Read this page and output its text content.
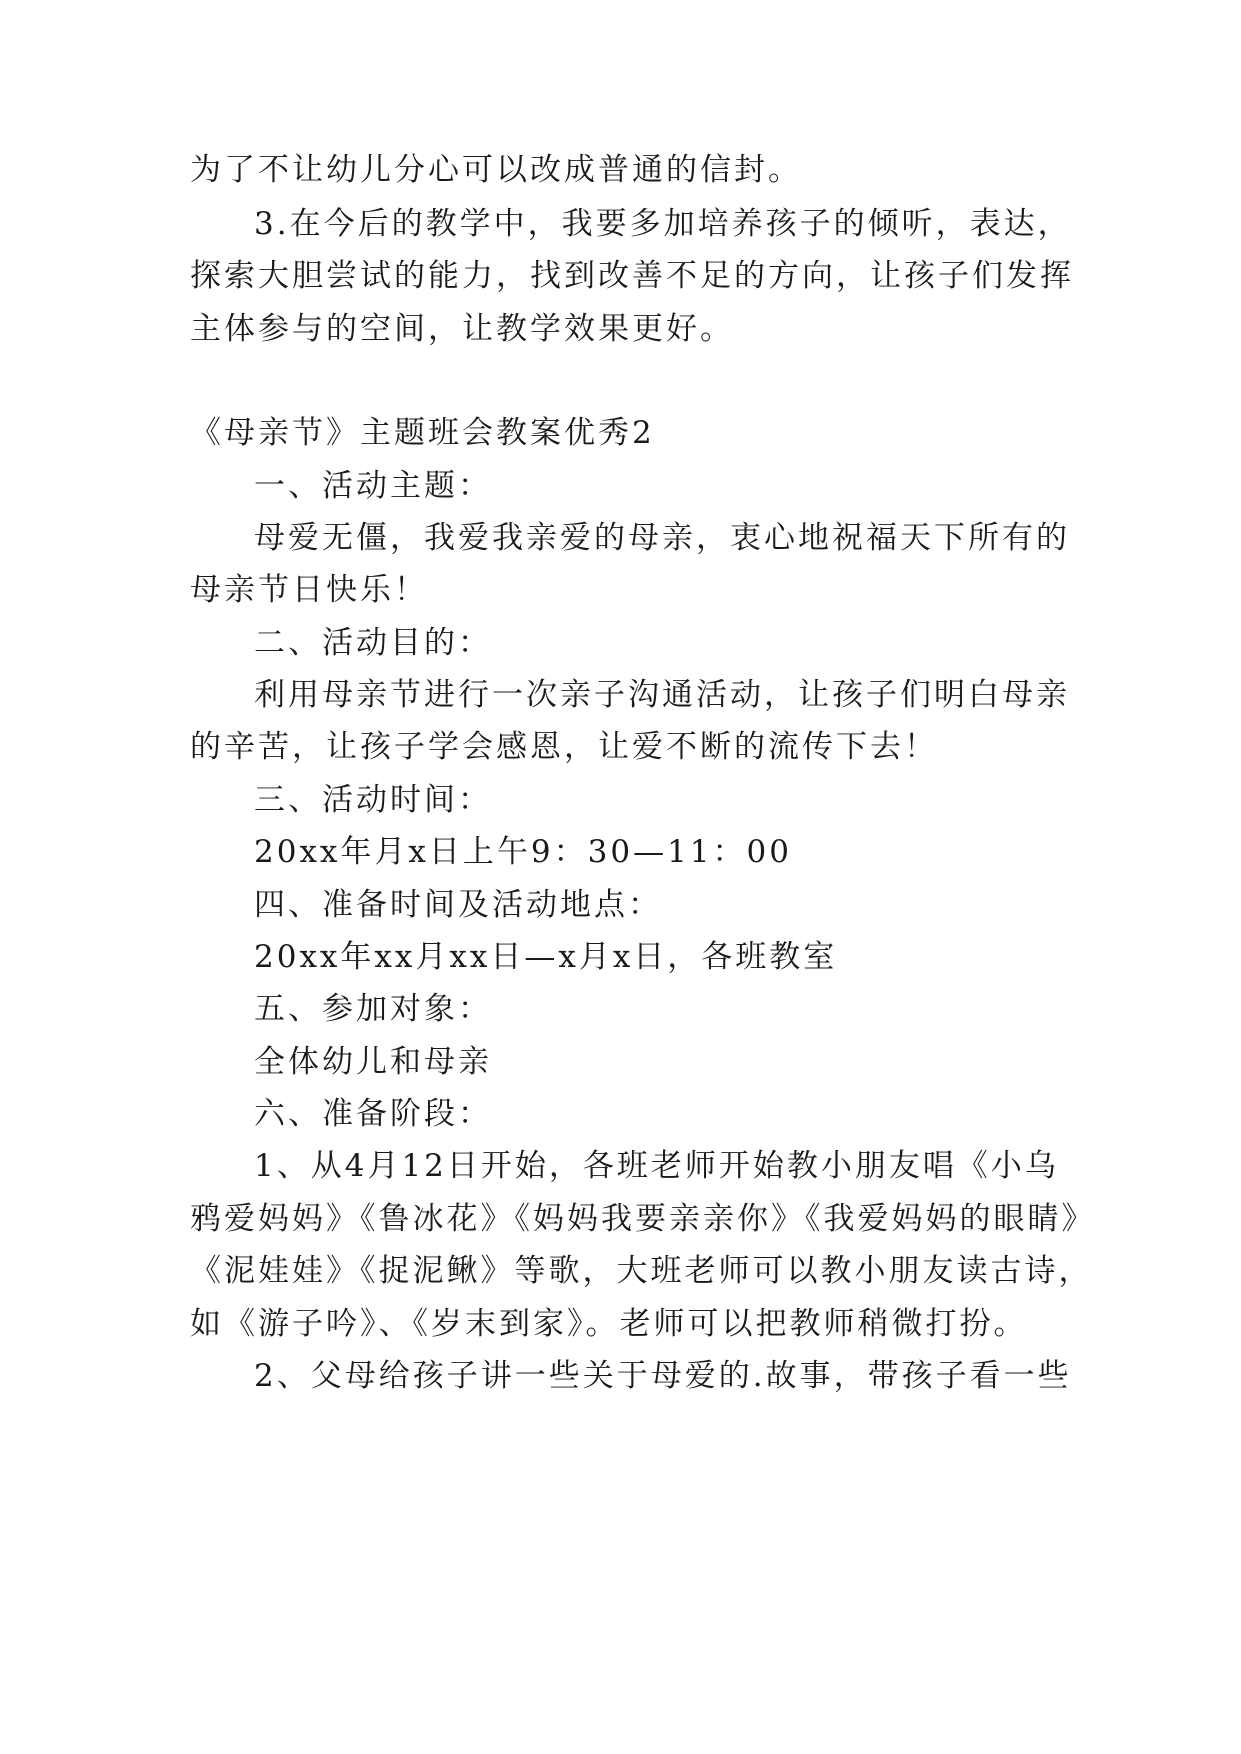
为了不让幼儿分心可以改成普通的信封。
3.在今后的教学中，我要多加培养孩子的倾听，表达，
探索大胆尝试的能力，找到改善不足的方向，让孩子们发挥
主体参与的空间，让教学效果更好。
《母亲节》主题班会教案优秀2
一、活动主题：
母爱无僵，我爱我亲爱的母亲，衷心地祝福天下所有的
母亲节日快乐！
二、活动目的：
利用母亲节进行一次亲子沟通活动，让孩子们明白母亲
的辛苦，让孩子学会感恩，让爱不断的流传下去！
三、活动时间：
20xx年月x日上午9：30—11：00
四、准备时间及活动地点：
20xx年xx月xx日—x月x日，各班教室
五、参加对象：
全体幼儿和母亲
六、准备阶段：
1、从4月12日开始，各班老师开始教小朋友唱《小乌
鸦爱妈妈》《鲁冰花》《妈妈我要亲亲你》《我爱妈妈的眼睛》
《泥娃娃》《捉泥鳅》等歌，大班老师可以教小朋友读古诗，
如《游子吟》、《岁末到家》。老师可以把教师稍微打扮。
2、父母给孩子讲一些关于母爱的.故事，带孩子看一些
